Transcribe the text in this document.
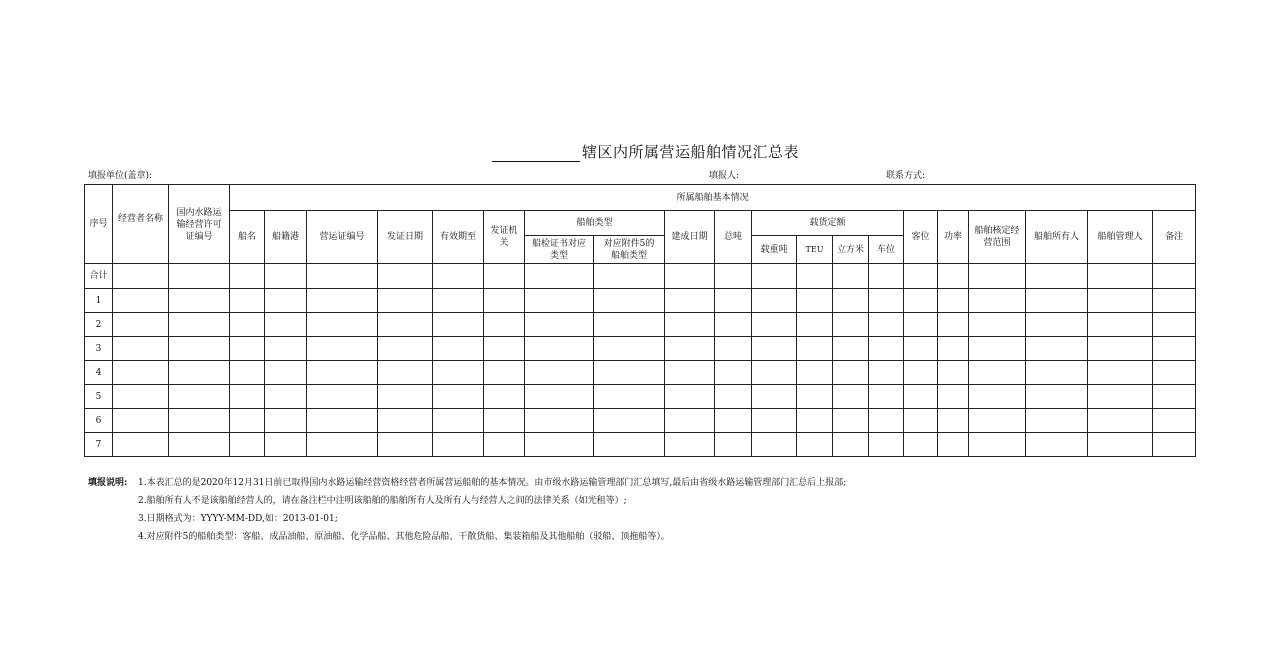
辖区内所属营运船舶情况汇总表
填报单位(盖章):	填报人:	联系方式:
序号	经营者名称	国内水路运输经营许可证编号	所属船舶基本情况																			
			船名	船籍港	营运证编号	发证日期	有效期至	发证机关	船舶类型		建成日期	总吨	载货定额				客位	功率	船舶核定经营范围	船舶所有人	船舶管理人	备注
									船检证书对应类型	对应附件5的船舶类型			载重吨	TEU	立方米	车位						
合计																						
1																						
2																						
3																						
4																						
5																						
6																						
7																						
填报说明:	1.本表汇总的是2020年12月31日前已取得国内水路运输经营资格经营者所属营运船舶的基本情况。由市级水路运输管理部门汇总填写,最后由省级水路运输管理部门汇总后上报部;
2.船舶所有人不是该船舶经营人的，请在备注栏中注明该船舶的船舶所有人及所有人与经营人之间的法律关系（如光租等）;
3.日期格式为：YYYY-MM-DD,如：2013-01-01;
4.对应附件5的船舶类型：客船、成品油船、原油船、化学品船、其他危险品船、干散货船、集装箱船及其他船舶（驳船、顶拖船等）。
